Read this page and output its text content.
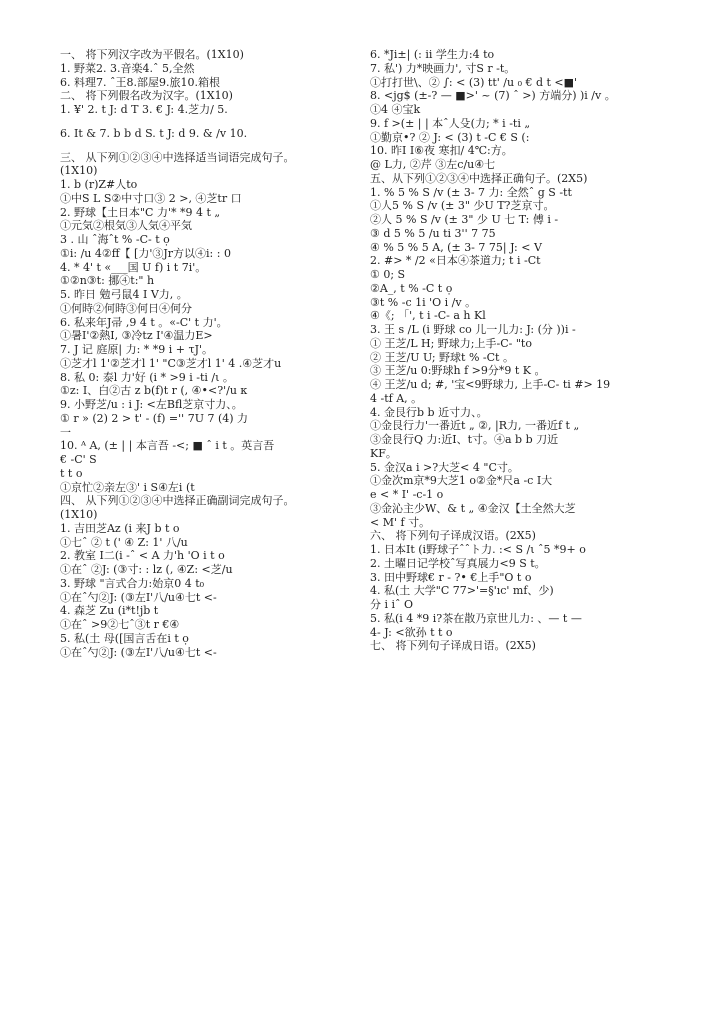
一、 将下列汉字改为平假名。(1X10)
1. 野菜2. 3.音楽4.ˆ 5,全然
6. 料理7. ˆ王8.部屋9.旅10.箱根
二、 将下列假名改为汉字。(1X10)
1. ¥' 2. t J: d T 3. € J: 4.芝力/ 5.
6. It & 7. b b d S. t J: d 9. & /v 10.
三、 从下列①②③④中选择适当词语完成句子。
(1X10)
1. b (r)Z#人to
①中S L S②中寸口③ 2 >, ④芝tr 口
2. 野球【土日本"C 力'* *9 4 t „
①元気②根気③人気④平気
3 . 山 ˆ海ˆt % -C- t ọ
①i: /u 4②ff【 [力'③Jr方以④i: : 0
4. * 4' t «___国 U f) i t 7i'。
①②n③t: 挪④t:" h
5. 昨日 勉弓鼠4 I V力, 。
①何時②何時③何日④何分
6. 私来年J帚 ,9 4 t 。«-C' t 力'。
①暑I'②熱I, ③冷tz I'④温力E>
7. J 记 庭原| 力: * *9 i + τJ'。
①芝才l 1'②芝才l 1' "C③芝才l 1' 4 .④芝才u
8. 私 0: 泰l 力'好 (i * >9 i -ti /ι 。
①z: I、白②古 z b(f)t r (, ④•<?'/u κ
9. 小野芝/u : i J: <左Bfl芝京寸力、。
① r » (2) 2 > t' - (f) ='' 7U 7 (4) 力
一
10. ᴬ A, (± | | 本言吾 -<; ■ ˆ i t 。英言吾
€ -C' S
t t o
①京忙②亲左③' i S④左i (t
四、 从下列①②③④中选择正确副词完成句子。
(1X10)
1. 吉田芝Az (i 来J b t o
①七ˆ ② t (' ④ Z: 1' 八/u
2. 教室 I二(i -ˆ < A 力'h 'O i t o
①在ˆ ②J: (③寸: : lz (, ④Z: <芝/u
3. 野球 "言式合力:始京0 4 t₀
①在ˆ勺②J: (③左I'八/u④七t <-
4. 森芝 Zu (i*t!jb t
①在ˆ >9②七ˆ③t r €④
5. 私(土 母([国言舌在i t ọ
①在ˆ勺②J: (③左I'八/u④七t <-
6. *Ji±| (: ii 学生力:4 to
7. 私') 力*映画力', 寸S r -t。
①打打世\、② ∫: < (3) tt' /u ₀ € d t <■'
8. <jg$ (±-? — ■>' ~ (7) ˆ >) 方端分) )i /v 。
①4 ④宝k
9. f >(± | | 本ˆ人殳(力; * i -ti „
①勤京•? ② J: < (3) t -C € S (:
10. 昨I I⑥夜 寒扣/ 4℃:方。
@ L力, ②芹 ③左c/u④七
五、从下列①②③④中选择正确句子。(2X5)
1. % 5 % S /v (± 3- 7 力: 全然ˆ g S -tt
①人5 % S /v (± 3" 少U T?芝京寸。
②人 5 % S /v (± 3" 少 U 七 T: 傅 i -
③ d 5 % 5 /u ti 3'' 7 75
④ % 5 % 5 A, (± 3- 7 75| J: < V
2. #> * /2 «日本④茶道力; t i -Ct
① 0; S
②A_, t % -C t ọ
③t % -c 1i 'O i /v 。
④《; 「', t i -C- a h Kl
3. 王 s /L (i 野球 co 儿一儿力: J: (分 ))i -
① 王芝/L H; 野球力;上手-C- "to
② 王芝/U U; 野球t % -Ct 。
③ 王芝/u 0:野球h f >9分*9 t K 。
④ 王芝/u d; #, '宝<9野球力, 上手-C- ti #> 19
4 -tf A, 。
4. 金艮行b b 近寸力、。
①金艮行力'一番近t „ ②, |R力, 一番近f t „
③金艮行Q 力:近I、t寸。④a b b 刀近
KF。
5. 金汉a i >?大芝< 4 "C寸。
①金次m京*9大芝1 o②金*尺a -c I大
e < * I' -c-1 o
③金沁主少W、& t „ ④金汉【土全然大芝
< M' f 寸。
六、 将下列句子译成汉语。(2X5)
1. 日本It (i野球子ˆˆト力. :< S /ι ˆ5 *9+ o
2. 土曜日记学校ˆ写真展力<9 S t。
3. 田中野球€ r - ?• €上手"O t o
4. 私(土 大学"C 77>'=§'ıc' mf、少)
分 i iˆ O
5. 私(i 4 *9 i?茶在散乃京世儿力: 、— t —
4- J: <欲孙 t t o
七、 将下列句子译成日语。(2X5)
